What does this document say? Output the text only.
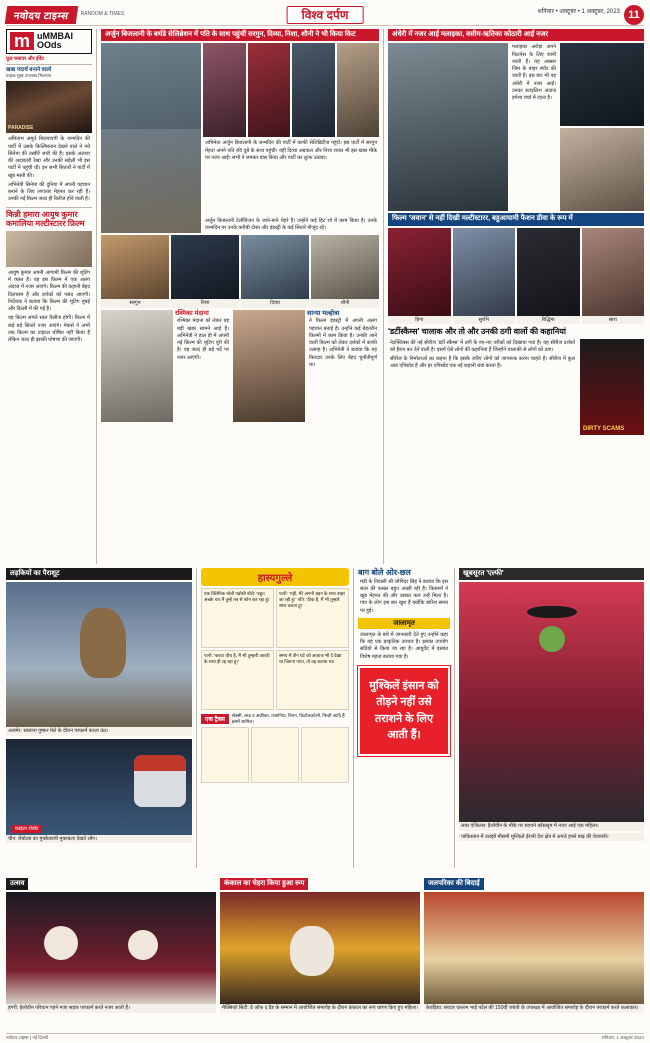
नवोदय टाइम्स	RANDOM & TIMES	विश्व दर्पण	शनिवार • अक्टूबर • 1 अक्टूबर, 2023 11
m uMMBAI
OOds
फ़ूड फ्लावर और ईवेंट
खाद्य पदार्थ बनाने वालो
ग्राहक सुख उपलब्ध मिलवाए
PARADISE
अमिताभ अमूर्त मिलवाएगी के जन्मदिन की पार्टी में उसके फ़िल्मिस्तान देखने वाले ने नये सिनेमा की तस्वीरें जारी की हैं। इसके अलावा की अदाकारी रेखा और उनकी सहेली भी इस पार्टी में पहुंची थीं। इन सभी सितारों ने पार्टी में खूब मस्ती की।
अभिनेत्री सिनेमा की दुनिया में अपनी पहचान बनाने के लिए लगातार मेहनत कर रही हैं। उनकी नई फ़िल्म जल्द ही रिलीज होने वाली है।
किन्नी हमारा आयुष कुमार कमालिया मल्टीस्टारर फ़िल्म
आयुष कुमार अपनी आगामी फ़िल्म की शूटिंग में व्यस्त हैं। वह इस फ़िल्म में एक अलग अंदाज में नजर आएंगे। फ़िल्म की कहानी बेहद दिलचस्प है और दर्शकों को पसंद आएगी। निर्देशक ने बताया कि फ़िल्म की शूटिंग मुंबई और दिल्ली में की गई है।
यह फ़िल्म अगले साल रिलीज होगी। फ़िल्म में कई बड़े सितारे नजर आएंगे। मेकर्स ने अभी तक फ़िल्म का टाइटल घोषित नहीं किया है लेकिन जल्द ही इसकी घोषणा की जाएगी।
अर्जुन बिजलानी के बर्थडे सेलिब्रेशन में पति के साथ पहुंचीं सरगुन, दिव्या, निशा, शौनी ने भी किया किट
अभिनेता अर्जुन बिजलानी के जन्मदिन की पार्टी में काफी सेलिब्रिटीज पहुंचे। इस पार्टी में सरगुन मेहता अपने पति रवि दुबे के साथ पहुंचीं। वहीं दिव्या अग्रवाल और निशा रावल भी इस खास मौके पर नजर आईं। सभी ने जमकर डांस किया और पार्टी का लुत्फ उठाया।
अर्जुन बिजलानी टेलीविजन के जाने-माने चेहरे हैं। उन्होंने कई हिट शो में काम किया है। उनके जन्मदिन पर उनके करीबी दोस्त और इंडस्ट्री के कई सितारे मौजूद रहे।
सरगुन	निशा	दिव्या	शौनी
रश्मिका मंदाना
रश्मिका मंदाना को लेकर यह बड़ी खबर सामने आई है। अभिनेत्री ने हाल ही में अपनी नई फ़िल्म की शूटिंग पूरी की है। वह जल्द ही बड़े पर्दे पर नजर आएंगी।
सान्या मल्होत्रा
ने फ़िल्म इंडस्ट्री में अपनी अलग पहचान बनाई है। उन्होंने कई बेहतरीन फ़िल्मों में काम किया है। उनकी आने वाली फ़िल्म को लेकर दर्शकों में काफी उत्साह है। अभिनेत्री ने बताया कि यह किरदार उनके लिए बेहद चुनौतीपूर्ण था।
अंधेरी में नजर आईं मलाइका, वसीम-ऋतिका कोठारी आईं नजर
मलाइका अरोड़ा अपने फिटनेस के लिए जानी जाती हैं। वह अक्सर जिम के बाहर स्पॉट की जाती हैं। इस बार भी वह अंधेरी में नजर आईं। उनका स्टाइलिश अंदाज हमेशा चर्चा में रहता है।
फिल्म 'जवान' से नहीं दिखी मल्टीस्टारर, बहुआयामी फैशन डीवा के रूप में
हिना	सुरभि	रिद्धिमा	सारा
'डर्टीस्कैम्स' चालाक और तो और उनकी ठगी वालों की कहानियां
नेटफ्लिक्स की नई सीरीज 'डर्टी स्कैम्स' में ठगी के नए-नए तरीकों को दिखाया गया है। यह सीरीज दर्शकों को हैरान कर देने वाली है। इसमें ऐसे लोगों की कहानियां हैं जिन्होंने चालाकी से लोगों को ठगा।
सीरीज के निर्माताओं का कहना है कि इसके जरिए लोगों को जागरूक करना चाहते हैं। सीरीज में कुल आठ एपिसोड हैं और हर एपिसोड एक नई कहानी बयां करता है।
DIRTY SCAMS
लड़कियों का पैराशूट
अजमेर: सालाना पुष्कर मेले के दौरान परफ़ार्म करता ऊंट।
फ़ाइटर रोबोट
चीन: रोबोटस का मुक्केबाजी मुकाबला देखते लोग।
हास्यगुल्ले
एक क्लिनिक बोली पड़ोसी बोले: 'बहुत अच्छे! यार मैं तुम्हें तब से फोन कर रहा हूं।'
पत्नी: 'यही, मेरे अपनी बहन के साथ बाहर जा रही हूं।' पति: 'ठीक है, मैं भी तुम्हारे साथ चलता हूं।'
पत्नी: 'करवा चौथ है, मैं भी तुम्हारी आरती के साथ ही रह रहा हूं।'
समय में तीन घंटे को आवाज भी दे देखा था जितना पाया, तो वह बताया था।
एक ट्रैक्स
सेक्सी, लाठ व अफ्रीका, तंजानिया, विनन, किटोलकरेली, फिजी आदि हैं इसमें शामिल।
बाग बोले ओर-छल
मंडी के निवासी श्री जोगिंदर सिंह ने बताया कि इस साल की फसल बहुत अच्छी रही है। किसानों ने खूब मेहनत की और उसका फल उन्हें मिला है। गांव के लोग इस बार खुश हैं क्योंकि बारिश समय पर हुई।
जालामृत
जालामृत के बारे में जानकारी देते हुए उन्होंने कहा कि यह एक प्राकृतिक उपचार है। इसका उपयोग सदियों से किया जा रहा है। आयुर्वेद में इसका विशेष महत्व बताया गया है।
मुश्किलें इंसान को तोड़ने नहीं उसे तराशने के लिए आती हैं।
खूबसूरत 'एल्फी'
लास एंजिलस: हैलोवीन के मौके पर डरावने कॉस्ट्यूम में नजर आई एक महिला।
पाकिस्तान में उलझी मौसमी मुश्किलें ईरानी देश क्षेत्र में अगले हफ्ते बाढ़ की चेतावनी।
उत्सव
हंगरी: हेलोवीन परिधान पहने मजा सड़क परफ़ार्म करते नजर आती हैं।
कंकाल का चेहरा किया हुआ रूप
मैक्सिको सिटी: डे ऑफ द डैड के सम्मान में आयोजित समारोह के दौरान कंकाल का रूप धारण किए हुए महिला।
जलपरिका की बिदाई
केवड़िया: सरदार वल्लभ भाई पटेल की 150वीं जयंती के उपलक्ष्य में आयोजित समारोह के दौरान परफ़ार्म करते कलाकार।
नवोदय टाइम्स | नई दिल्ली	शनिवार, 1 अक्टूबर 2023
